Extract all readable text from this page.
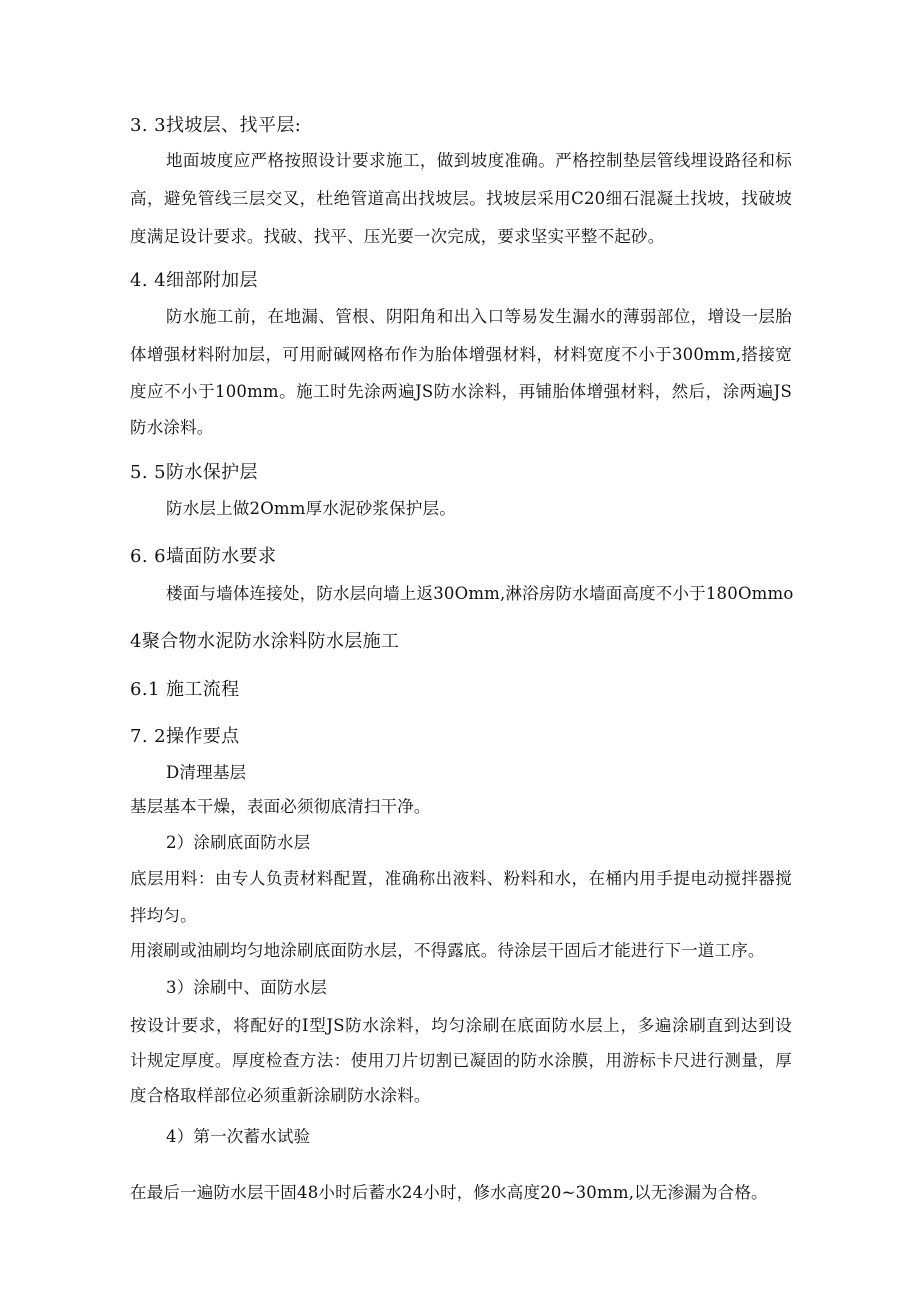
3. 3找坡层、找平层:
地面坡度应严格按照设计要求施工，做到坡度准确。严格控制垫层管线埋设路径和标
高，避免管线三层交叉，杜绝管道高出找坡层。找坡层采用C20细石混凝土找坡，找破坡
度满足设计要求。找破、找平、压光要一次完成，要求坚实平整不起砂。
4. 4细部附加层
防水施工前，在地漏、管根、阴阳角和出入口等易发生漏水的薄弱部位，增设一层胎
体增强材料附加层，可用耐碱网格布作为胎体增强材料，材料宽度不小于300mm,搭接宽
度应不小于100mm。施工时先涂两遍JS防水涂料，再铺胎体增强材料，然后，涂两遍JS
防水涂料。
5. 5防水保护层
防水层上做2Omm厚水泥砂浆保护层。
6. 6墙面防水要求
楼面与墙体连接处，防水层向墙上返30Omm,淋浴房防水墙面高度不小于180Ommo
4聚合物水泥防水涂料防水层施工
6.1 施工流程
7. 2操作要点
D清理基层
基层基本干燥，表面必须彻底清扫干净。
2）涂刷底面防水层
底层用料：由专人负责材料配置，准确称出液料、粉料和水，在桶内用手提电动搅拌器搅
拌均匀。
用滚刷或油刷均匀地涂刷底面防水层，不得露底。待涂层干固后才能进行下一道工序。
3）涂刷中、面防水层
按设计要求，将配好的I型JS防水涂料，均匀涂刷在底面防水层上，多遍涂刷直到达到设
计规定厚度。厚度检查方法：使用刀片切割已凝固的防水涂膜，用游标卡尺进行测量，厚
度合格取样部位必须重新涂刷防水涂料。
4）第一次蓄水试验
在最后一遍防水层干固48小时后蓄水24小时，修水高度20~30mm,以无渗漏为合格。
